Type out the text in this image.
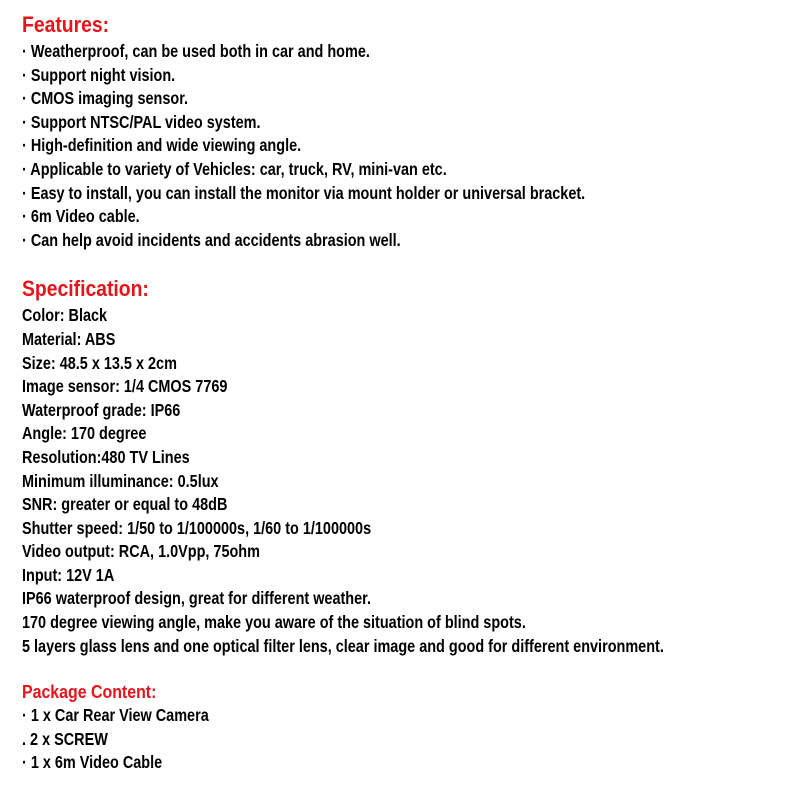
Features:
· Weatherproof, can be used both in car and home.
· Support night vision.
· CMOS imaging sensor.
· Support NTSC/PAL video system.
· High-definition and wide viewing angle.
· Applicable to variety of Vehicles: car, truck, RV, mini-van etc.
· Easy to install, you can install the monitor via mount holder or universal bracket.
· 6m Video cable.
· Can help avoid incidents and accidents abrasion well.
Specification:
Color: Black
Material: ABS
Size: 48.5 x 13.5 x 2cm
Image sensor: 1/4 CMOS 7769
Waterproof grade: IP66
Angle: 170 degree
Resolution:480 TV Lines
Minimum illuminance: 0.5lux
SNR: greater or equal to 48dB
Shutter speed: 1/50 to 1/100000s, 1/60 to 1/100000s
Video output: RCA, 1.0Vpp, 75ohm
Input: 12V 1A
IP66 waterproof design, great for different weather.
170 degree viewing angle, make you aware of the situation of blind spots.
5 layers glass lens and one optical filter lens, clear image and good for different environment.
Package Content:
· 1 x Car Rear View Camera
. 2 x SCREW
· 1 x 6m Video Cable
